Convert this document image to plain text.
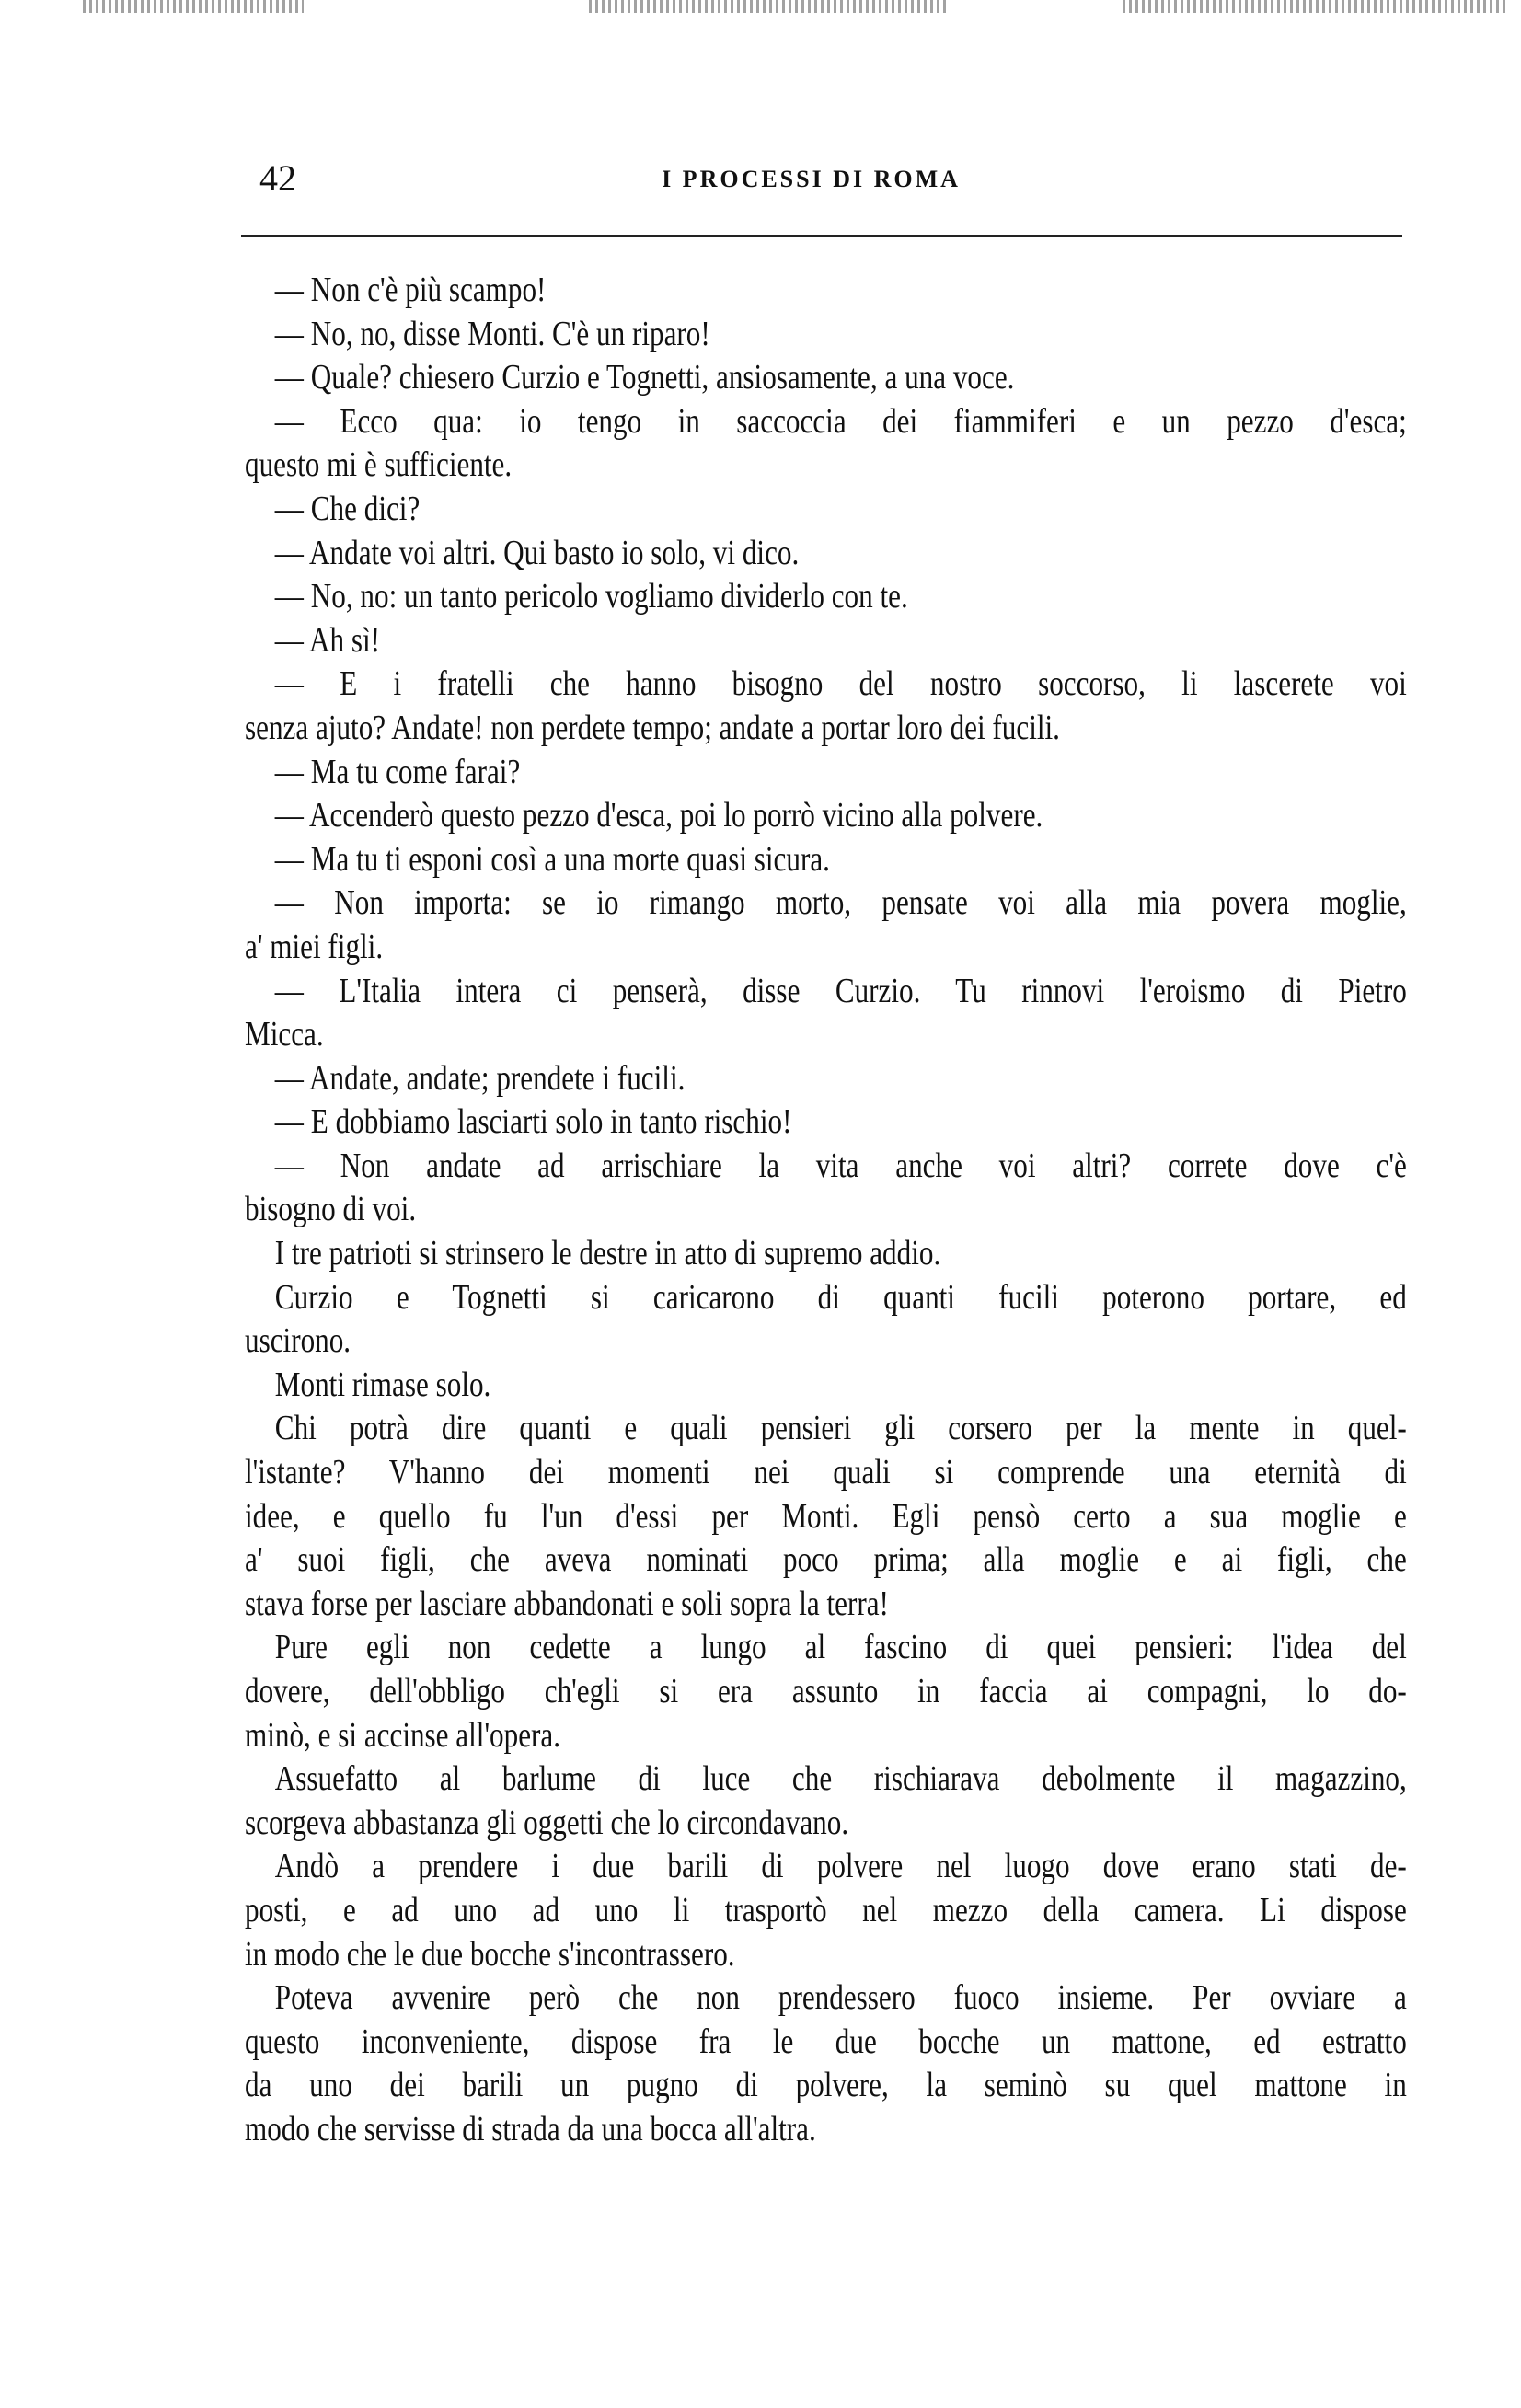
42	I PROCESSI DI ROMA
— Non c'è più scampo!
— No, no, disse Monti. C'è un riparo!
— Quale? chiesero Curzio e Tognetti, ansiosamente, a una voce.
— Ecco qua: io tengo in saccoccia dei fiammiferi e un pezzo d'esca;
questo mi è sufficiente.
— Che dici?
— Andate voi altri. Qui basto io solo, vi dico.
— No, no: un tanto pericolo vogliamo dividerlo con te.
— Ah sì!
— E i fratelli che hanno bisogno del nostro soccorso, li lascerete voi
senza ajuto? Andate! non perdete tempo; andate a portar loro dei fucili.
— Ma tu come farai?
— Accenderò questo pezzo d'esca, poi lo porrò vicino alla polvere.
— Ma tu ti esponi così a una morte quasi sicura.
— Non importa: se io rimango morto, pensate voi alla mia povera moglie,
a' miei figli.
— L'Italia intera ci penserà, disse Curzio. Tu rinnovi l'eroismo di Pietro
Micca.
— Andate, andate; prendete i fucili.
— E dobbiamo lasciarti solo in tanto rischio!
— Non andate ad arrischiare la vita anche voi altri? correte dove c'è
bisogno di voi.
I tre patrioti si strinsero le destre in atto di supremo addio.
Curzio e Tognetti si caricarono di quanti fucili poterono portare, ed
uscirono.
Monti rimase solo.
Chi potrà dire quanti e quali pensieri gli corsero per la mente in quel-
l'istante? V'hanno dei momenti nei quali si comprende una eternità di
idee, e quello fu l'un d'essi per Monti. Egli pensò certo a sua moglie e
a' suoi figli, che aveva nominati poco prima; alla moglie e ai figli, che
stava forse per lasciare abbandonati e soli sopra la terra!
Pure egli non cedette a lungo al fascino di quei pensieri: l'idea del
dovere, dell'obbligo ch'egli si era assunto in faccia ai compagni, lo do-
minò, e si accinse all'opera.
Assuefatto al barlume di luce che rischiarava debolmente il magazzino,
scorgeva abbastanza gli oggetti che lo circondavano.
Andò a prendere i due barili di polvere nel luogo dove erano stati de-
posti, e ad uno ad uno li trasportò nel mezzo della camera. Li dispose
in modo che le due bocche s'incontrassero.
Poteva avvenire però che non prendessero fuoco insieme. Per ovviare a
questo inconveniente, dispose fra le due bocche un mattone, ed estratto
da uno dei barili un pugno di polvere, la seminò su quel mattone in
modo che servisse di strada da una bocca all'altra.
